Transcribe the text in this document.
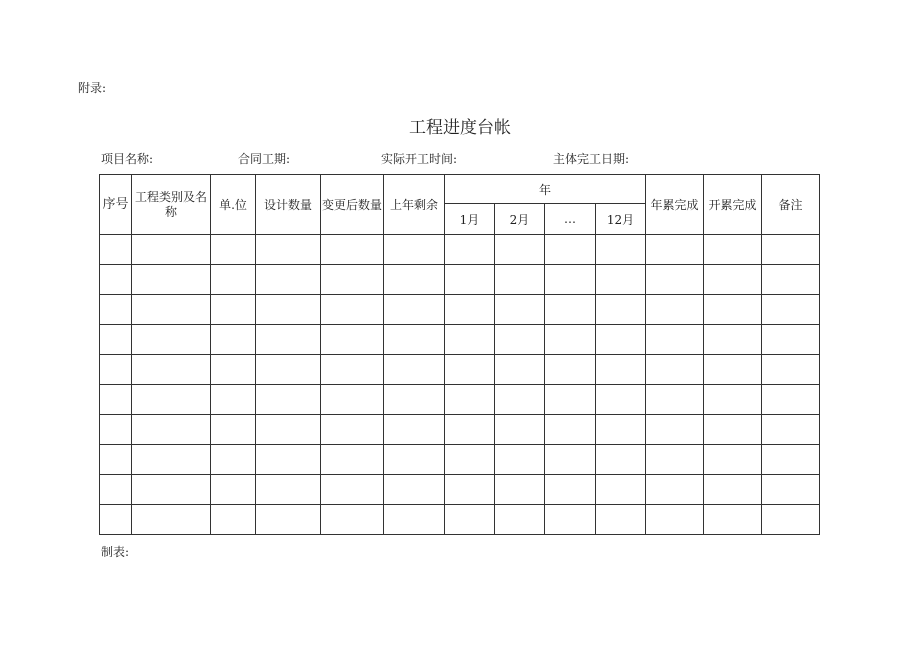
附录:
工程进度台帐
项目名称:	合同工期:	实际开工时间:	主体完工日期:
序号	工程类别及名称	单.位	设计数量	变更后数量	上年剩余	年				年累完成	开累完成	备注
						1月	2月	…	12月			

制表:
